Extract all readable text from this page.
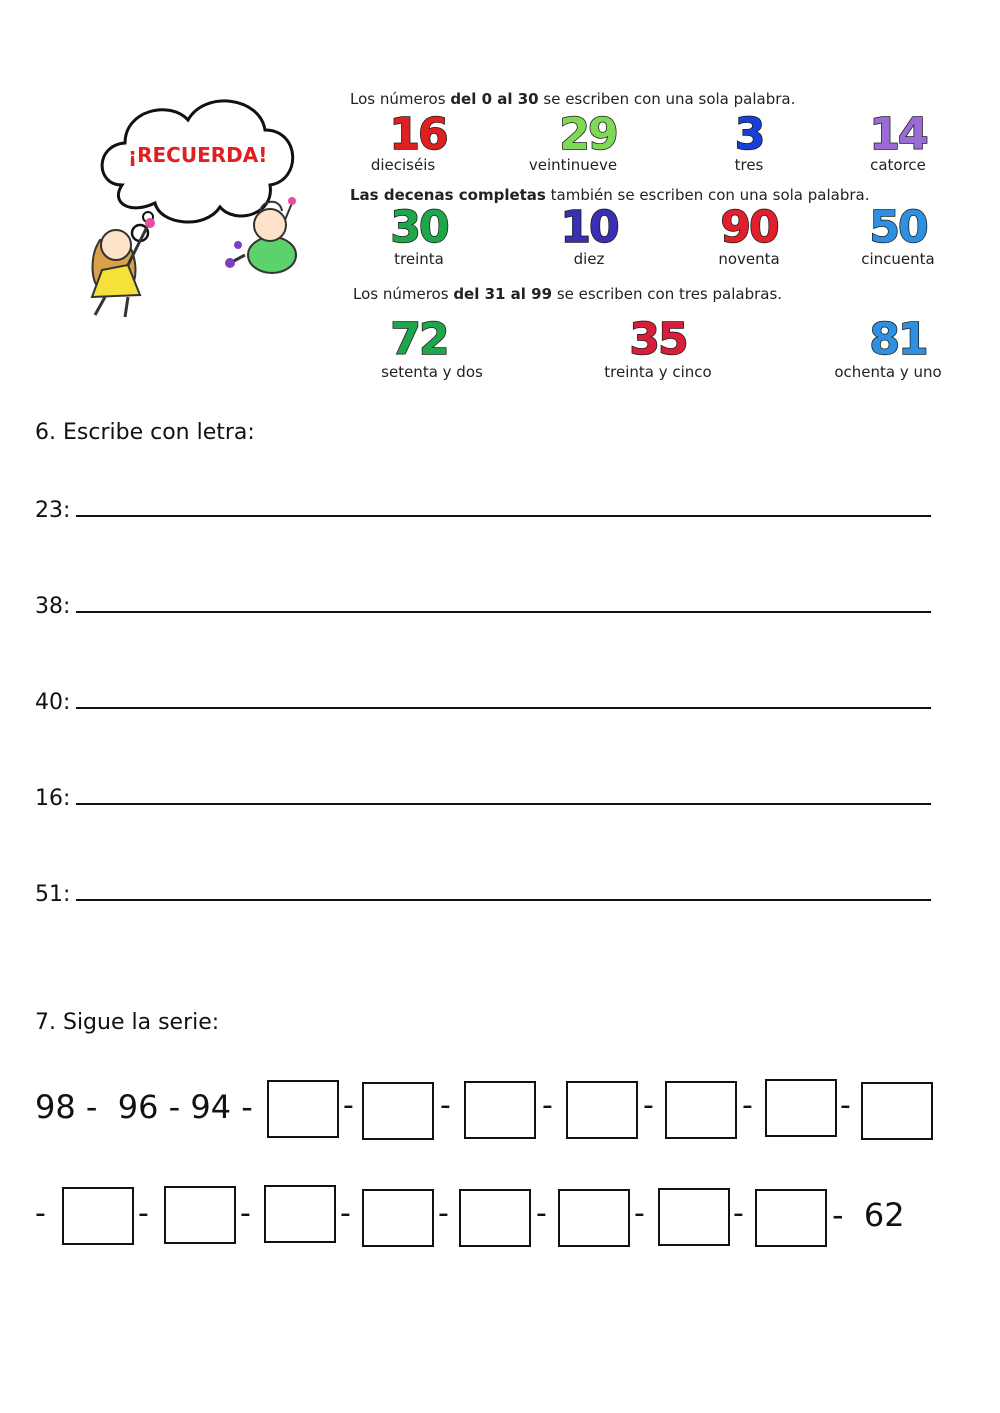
¡RECUERDA!
Los números del 0 al 30 se escriben con una sola palabra.
16
dieciséis
29
veintinueve
3
tres
14
catorce
Las decenas completas también se escriben con una sola palabra.
30
treinta
10
diez
90
noventa
50
cincuenta
Los números del 31 al 99 se escriben con tres palabras.
72
setenta y dos
35
treinta y cinco
81
ochenta y uno
6. Escribe con letra:
23:
38:
40:
16:
51:
7. Sigue la serie:
98 -  96 - 94 -	-	-	-	-	-	-
-	-	-	-	-	-	-	-	-  62
